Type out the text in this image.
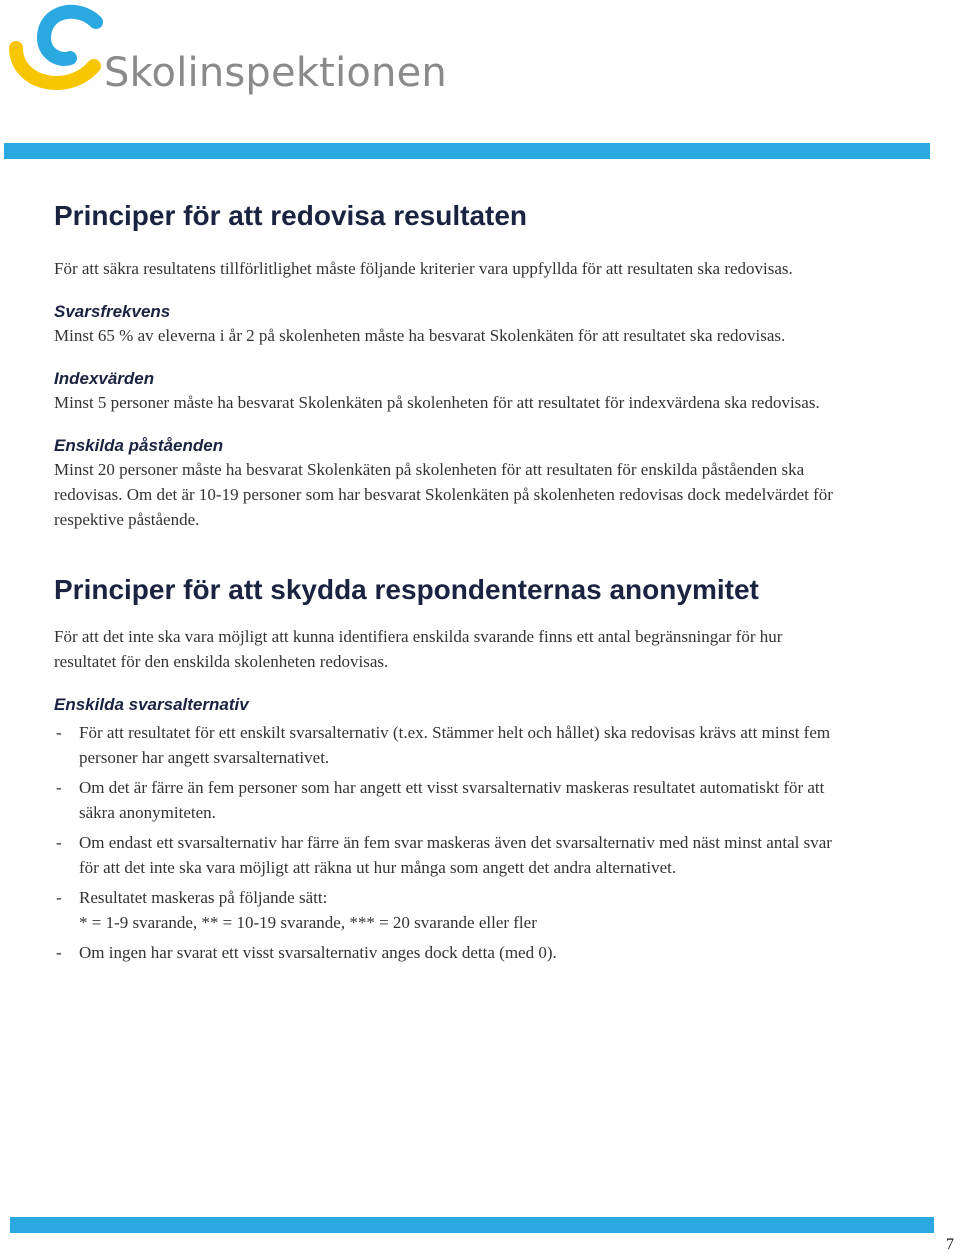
Skolinspektionen
Principer för att redovisa resultaten

För att säkra resultatens tillförlitlighet måste följande kriterier vara uppfyllda för att resultaten ska redovisas.

Svarsfrekvens

Minst 65 % av eleverna i år 2 på skolenheten måste ha besvarat Skolenkäten för att resultatet ska redovisas.

Indexvärden

Minst 5 personer måste ha besvarat Skolenkäten på skolenheten för att resultatet för indexvärdena ska redovisas.

Enskilda påståenden

Minst 20 personer måste ha besvarat Skolenkäten på skolenheten för att resultaten för enskilda påståenden ska redovisas. Om det är 10-19 personer som har besvarat Skolenkäten på skolenheten redovisas dock medelvärdet för respektive påstående.

Principer för att skydda respondenternas anonymitet

För att det inte ska vara möjligt att kunna identifiera enskilda svarande finns ett antal begränsningar för hur resultatet för den enskilda skolenheten redovisas.

Enskilda svarsalternativ
- För att resultatet för ett enskilt svarsalternativ (t.ex. Stämmer helt och hållet) ska redovisas krävs att minst fem personer har angett svarsalternativet.
- Om det är färre än fem personer som har angett ett visst svarsalternativ maskeras resultatet automatiskt för att säkra anonymiteten.
- Om endast ett svarsalternativ har färre än fem svar maskeras även det svarsalternativ med näst minst antal svar för att det inte ska vara möjligt att räkna ut hur många som angett det andra alternativet.
- Resultatet maskeras på följande sätt:
* = 1-9 svarande, ** = 10-19 svarande, *** = 20 svarande eller fler
- Om ingen har svarat ett visst svarsalternativ anges dock detta (med 0).
7
